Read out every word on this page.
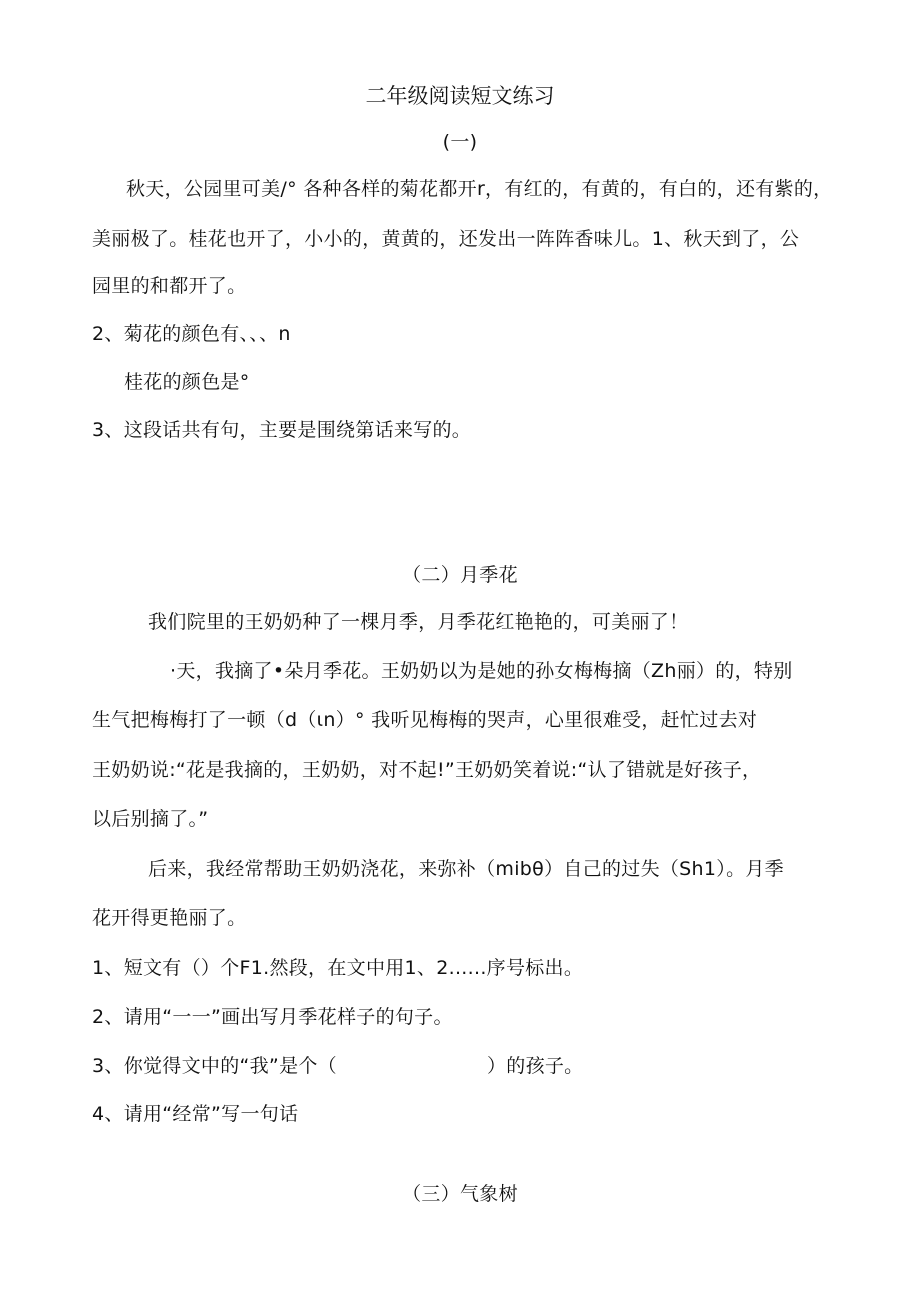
二年级阅读短文练习
(一)
秋天，公园里可美/° 各种各样的菊花都开r，有红的，有黄的，有白的，还有紫的，
美丽极了。桂花也开了，小小的，黄黄的，还发出一阵阵香味儿。1、秋天到了，公
园里的和都开了。
2、菊花的颜色有、、、n
桂花的颜色是°
3、这段话共有句，主要是围绕第话来写的。
（二）月季花
我们院里的王奶奶种了一棵月季，月季花红艳艳的，可美丽了！
·天，我摘了•朵月季花。王奶奶以为是她的孙女梅梅摘（Zh丽）的，特别
生气把梅梅打了一顿（d（ιn）° 我听见梅梅的哭声，心里很难受，赶忙过去对
王奶奶说:“花是我摘的，王奶奶，对不起!”王奶奶笑着说:“认了错就是好孩子，
以后别摘了。”
后来，我经常帮助王奶奶浇花，来弥补（mibθ）自己的过失（Sh1）。月季
花开得更艳丽了。
1、短文有（）个F1.然段，在文中用1、2......序号标出。
2、请用“一一”画出写月季花样子的句子。
3、你觉得文中的“我”是个（	）的孩子。
4、请用“经常”写一句话
（三）气象树
